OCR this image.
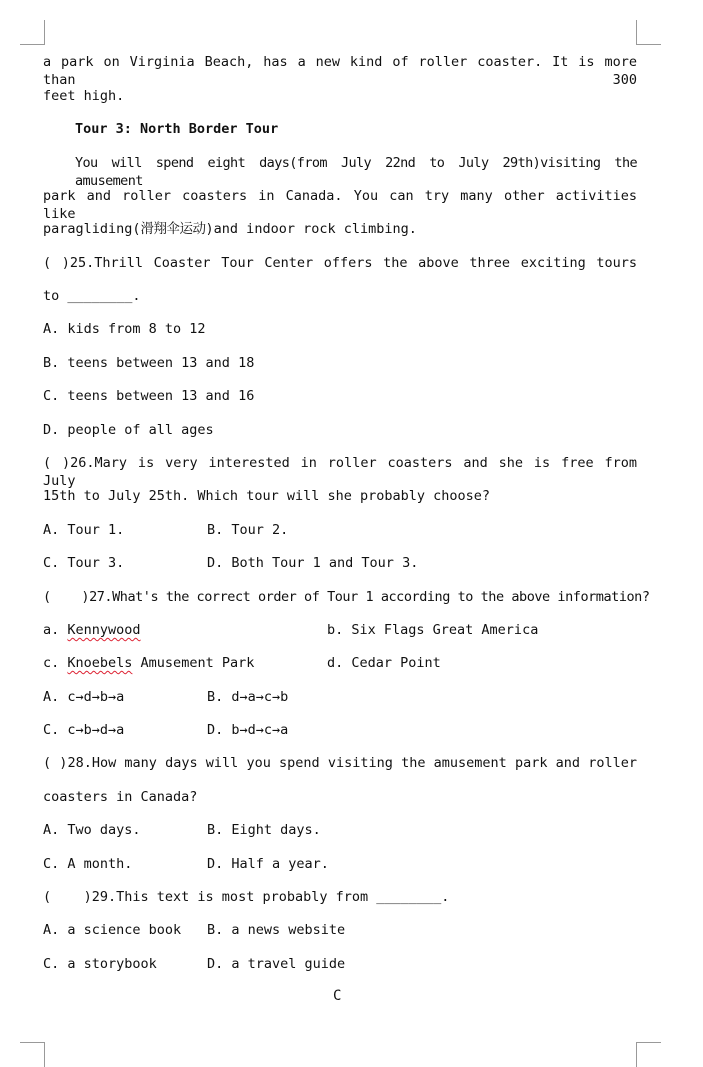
a park on Virginia Beach, has a new kind of roller coaster. It is more than 300
feet high.
Tour 3: North Border Tour
You will spend eight days(from July 22nd to July 29th)visiting the amusement
park and roller coasters in Canada. You can try many other activities like
paragliding(滑翔伞运动)and indoor rock climbing.
( )25.Thrill Coaster Tour Center offers the above three exciting tours
to ________.
A. kids from 8 to 12
B. teens between 13 and 18
C. teens between 13 and 16
D. people of all ages
( )26.Mary is very interested in roller coasters and she is free from July
15th to July 25th. Which tour will she probably choose?
A. Tour 1.	B. Tour 2.
C. Tour 3.	D. Both Tour 1 and Tour 3.
(    )27.What's the correct order of Tour 1 according to the above information?
a. Kennywood	b. Six Flags Great America
c. Knoebels Amusement Park	d. Cedar Point
A. c→d→b→a	B. d→a→c→b
C. c→b→d→a	D. b→d→c→a
( )28.How many days will you spend visiting the amusement park and roller
coasters in Canada?
A. Two days.	B. Eight days.
C. A month.	D. Half a year.
(    )29.This text is most probably from ________.
A. a science book B. a news website
C. a storybook	D. a travel guide
C
